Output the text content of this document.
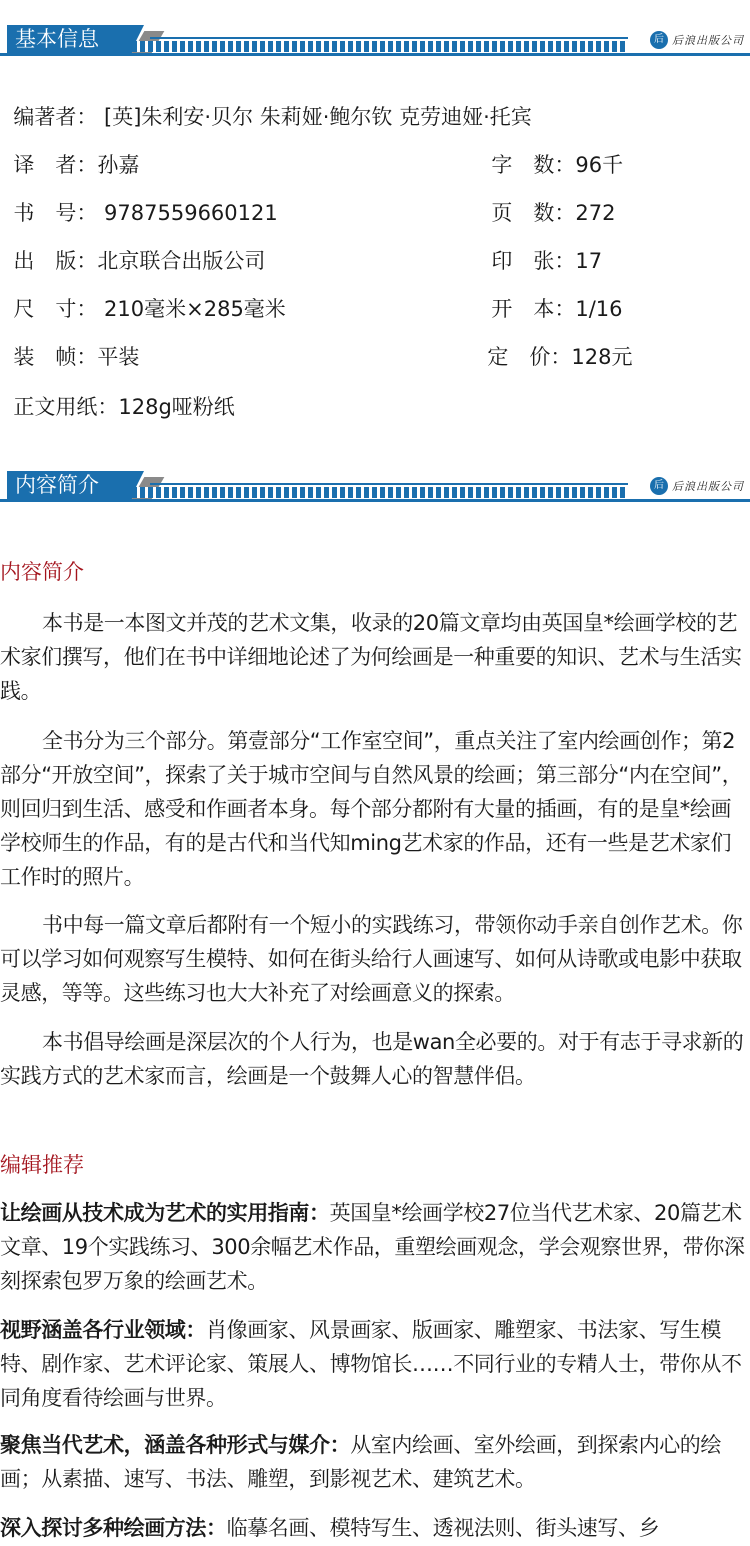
基本信息	后 后浪出版公司

编著者： [英]朱利安·贝尔 朱莉娅·鲍尔钦 克劳迪娅·托宾

译　者：孙嘉	字　数：96千

书　号： 9787559660121	页　数：272

出　版：北京联合出版公司	印　张：17

尺　寸： 210毫米×285毫米	开　本：1/16

装　帧：平装	定　价：128元

正文用纸：128g哑粉纸

内容简介	后 后浪出版公司
内容简介

本书是一本图文并茂的艺术文集，收录的20篇文章均由英国皇*绘画学校的艺术家们撰写，他们在书中详细地论述了为何绘画是一种重要的知识、艺术与生活实践。

全书分为三个部分。第壹部分“工作室空间”，重点关注了室内绘画创作；第2部分“开放空间”，探索了关于城市空间与自然风景的绘画；第三部分“内在空间”，则回归到生活、感受和作画者本身。每个部分都附有大量的插画，有的是皇*绘画学校师生的作品，有的是古代和当代知ming艺术家的作品，还有一些是艺术家们工作时的照片。

书中每一篇文章后都附有一个短小的实践练习，带领你动手亲自创作艺术。你可以学习如何观察写生模特、如何在街头给行人画速写、如何从诗歌或电影中获取灵感，等等。这些练习也大大补充了对绘画意义的探索。

本书倡导绘画是深层次的个人行为，也是wan全必要的。对于有志于寻求新的实践方式的艺术家而言，绘画是一个鼓舞人心的智慧伴侣。

编辑推荐

让绘画从技术成为艺术的实用指南：英国皇*绘画学校27位当代艺术家、20篇艺术文章、19个实践练习、300余幅艺术作品，重塑绘画观念，学会观察世界，带你深刻探索包罗万象的绘画艺术。

视野涵盖各行业领域：肖像画家、风景画家、版画家、雕塑家、书法家、写生模特、剧作家、艺术评论家、策展人、博物馆长……不同行业的专精人士，带你从不同角度看待绘画与世界。

聚焦当代艺术，涵盖各种形式与媒介：从室内绘画、室外绘画，到探索内心的绘画；从素描、速写、书法、雕塑，到影视艺术、建筑艺术。

深入探讨多种绘画方法：临摹名画、模特写生、透视法则、街头速写、乡
